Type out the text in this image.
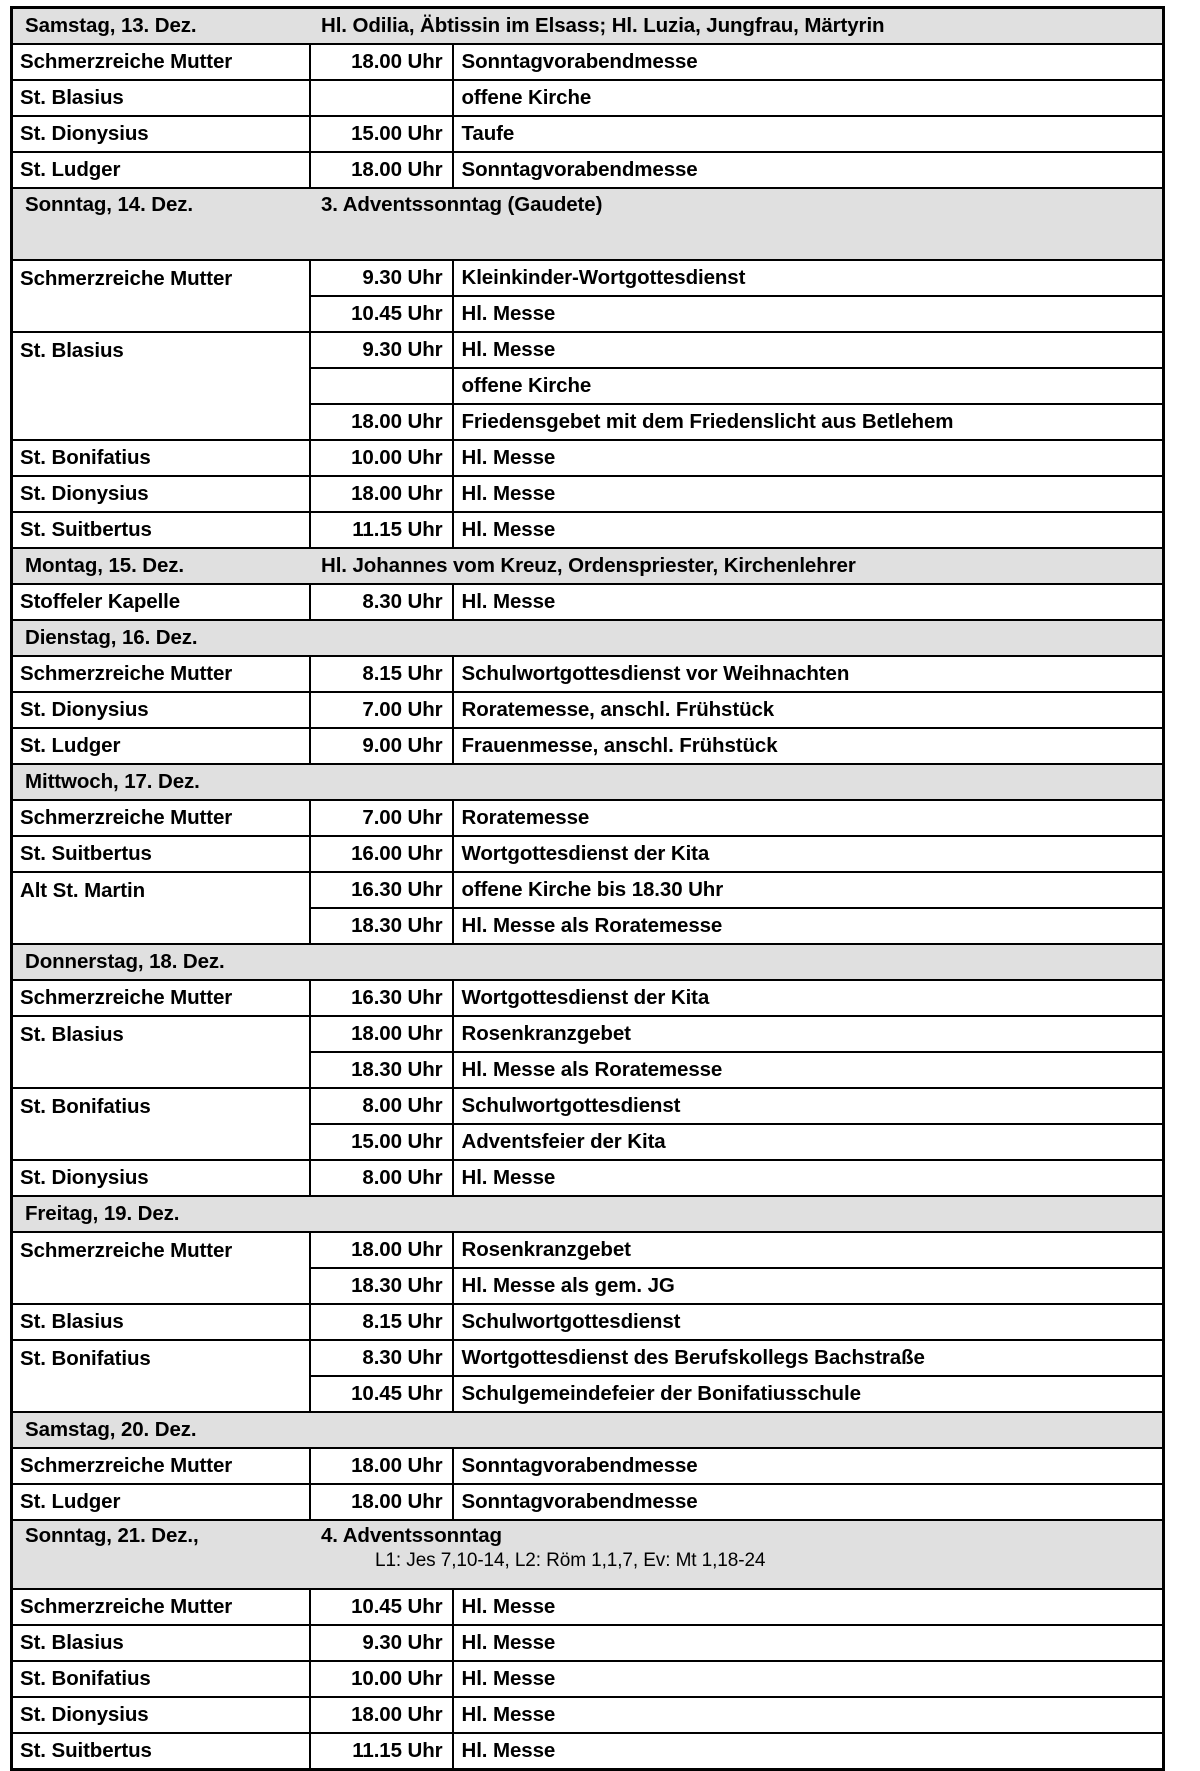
Samstag, 13. Dez. Hl. Odilia, Äbtissin im Elsass; Hl. Luzia, Jungfrau, Märtyrin		

Schmerzreiche Mutter	18.00 Uhr	Sonntagvorabendmesse
St. Blasius		offene Kirche
St. Dionysius	15.00 Uhr	Taufe
St. Ludger	18.00 Uhr	Sonntagvorabendmesse

Sonntag, 14. Dez. 3. Adventssonntag (Gaudete)		

Schmerzreiche Mutter	9.30 Uhr	Kleinkinder-Wortgottesdienst
	10.45 Uhr	Hl. Messe
St. Blasius	9.30 Uhr	Hl. Messe
		offene Kirche
	18.00 Uhr	Friedensgebet mit dem Friedenslicht aus Betlehem
St. Bonifatius	10.00 Uhr	Hl. Messe
St. Dionysius	18.00 Uhr	Hl. Messe
St. Suitbertus	11.15 Uhr	Hl. Messe

Montag, 15. Dez. Hl. Johannes vom Kreuz, Ordenspriester, Kirchenlehrer		

Stoffeler Kapelle	8.30 Uhr	Hl. Messe

Dienstag, 16. Dez.		

Schmerzreiche Mutter	8.15 Uhr	Schulwortgottesdienst vor Weihnachten
St. Dionysius	7.00 Uhr	Roratemesse, anschl. Frühstück
St. Ludger	9.00 Uhr	Frauenmesse, anschl. Frühstück

Mittwoch, 17. Dez.		

Schmerzreiche Mutter	7.00 Uhr	Roratemesse
St. Suitbertus	16.00 Uhr	Wortgottesdienst der Kita
Alt St. Martin	16.30 Uhr	offene Kirche bis 18.30 Uhr
	18.30 Uhr	Hl. Messe als Roratemesse

Donnerstag, 18. Dez.		

Schmerzreiche Mutter	16.30 Uhr	Wortgottesdienst der Kita
St. Blasius	18.00 Uhr	Rosenkranzgebet
	18.30 Uhr	Hl. Messe als Roratemesse
St. Bonifatius	8.00 Uhr	Schulwortgottesdienst
	15.00 Uhr	Adventsfeier der Kita
St. Dionysius	8.00 Uhr	Hl. Messe

Freitag, 19. Dez.		

Schmerzreiche Mutter	18.00 Uhr	Rosenkranzgebet
	18.30 Uhr	Hl. Messe als gem. JG
St. Blasius	8.15 Uhr	Schulwortgottesdienst
St. Bonifatius	8.30 Uhr	Wortgottesdienst des Berufskollegs Bachstraße
	10.45 Uhr	Schulgemeindefeier der Bonifatiusschule

Samstag, 20. Dez.		

Schmerzreiche Mutter	18.00 Uhr	Sonntagvorabendmesse
St. Ludger	18.00 Uhr	Sonntagvorabendmesse

Sonntag, 21. Dez., 4. Adventssonntag
L1: Jes 7,10-14, L2: Röm 1,1,7, Ev: Mt 1,18-24		

Schmerzreiche Mutter	10.45 Uhr	Hl. Messe
St. Blasius	9.30 Uhr	Hl. Messe
St. Bonifatius	10.00 Uhr	Hl. Messe
St. Dionysius	18.00 Uhr	Hl. Messe
St. Suitbertus	11.15 Uhr	Hl. Messe
